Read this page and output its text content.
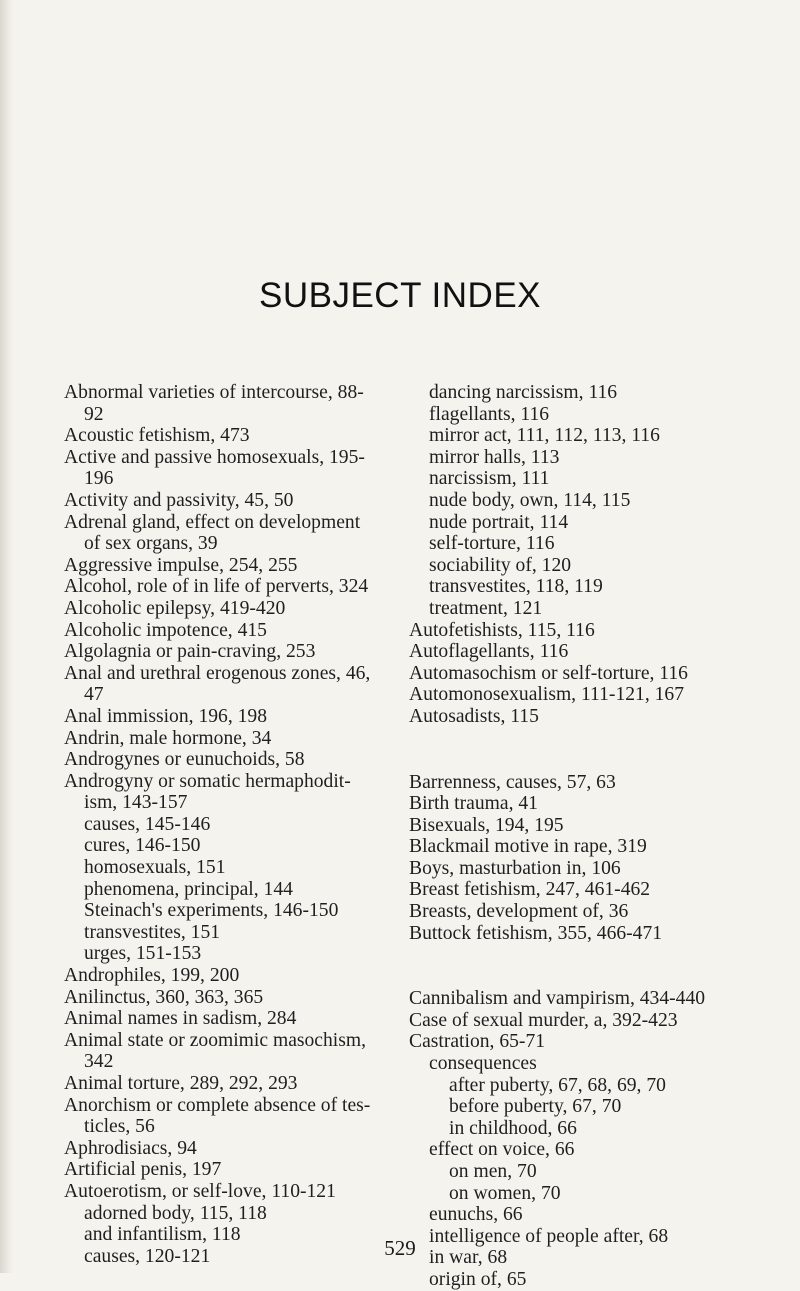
SUBJECT INDEX
Abnormal varieties of intercourse, 88-
92
Acoustic fetishism, 473
Active and passive homosexuals, 195-
196
Activity and passivity, 45, 50
Adrenal gland, effect on development
of sex organs, 39
Aggressive impulse, 254, 255
Alcohol, role of in life of perverts, 324
Alcoholic epilepsy, 419-420
Alcoholic impotence, 415
Algolagnia or pain-craving, 253
Anal and urethral erogenous zones, 46,
47
Anal immission, 196, 198
Andrin, male hormone, 34
Androgynes or eunuchoids, 58
Androgyny or somatic hermaphodit-
ism, 143-157
causes, 145-146
cures, 146-150
homosexuals, 151
phenomena, principal, 144
Steinach's experiments, 146-150
transvestites, 151
urges, 151-153
Androphiles, 199, 200
Anilinctus, 360, 363, 365
Animal names in sadism, 284
Animal state or zoomimic masochism,
342
Animal torture, 289, 292, 293
Anorchism or complete absence of tes-
ticles, 56
Aphrodisiacs, 94
Artificial penis, 197
Autoerotism, or self-love, 110-121
adorned body, 115, 118
and infantilism, 118
causes, 120-121
dancing narcissism, 116
flagellants, 116
mirror act, 111, 112, 113, 116
mirror halls, 113
narcissism, 111
nude body, own, 114, 115
nude portrait, 114
self-torture, 116
sociability of, 120
transvestites, 118, 119
treatment, 121
Autofetishists, 115, 116
Autoflagellants, 116
Automasochism or self-torture, 116
Automonosexualism, 111-121, 167
Autosadists, 115
Barrenness, causes, 57, 63
Birth trauma, 41
Bisexuals, 194, 195
Blackmail motive in rape, 319
Boys, masturbation in, 106
Breast fetishism, 247, 461-462
Breasts, development of, 36
Buttock fetishism, 355, 466-471
Cannibalism and vampirism, 434-440
Case of sexual murder, a, 392-423
Castration, 65-71
consequences
after puberty, 67, 68, 69, 70
before puberty, 67, 70
in childhood, 66
effect on voice, 66
on men, 70
on women, 70
eunuchs, 66
intelligence of people after, 68
in war, 68
origin of, 65
529
